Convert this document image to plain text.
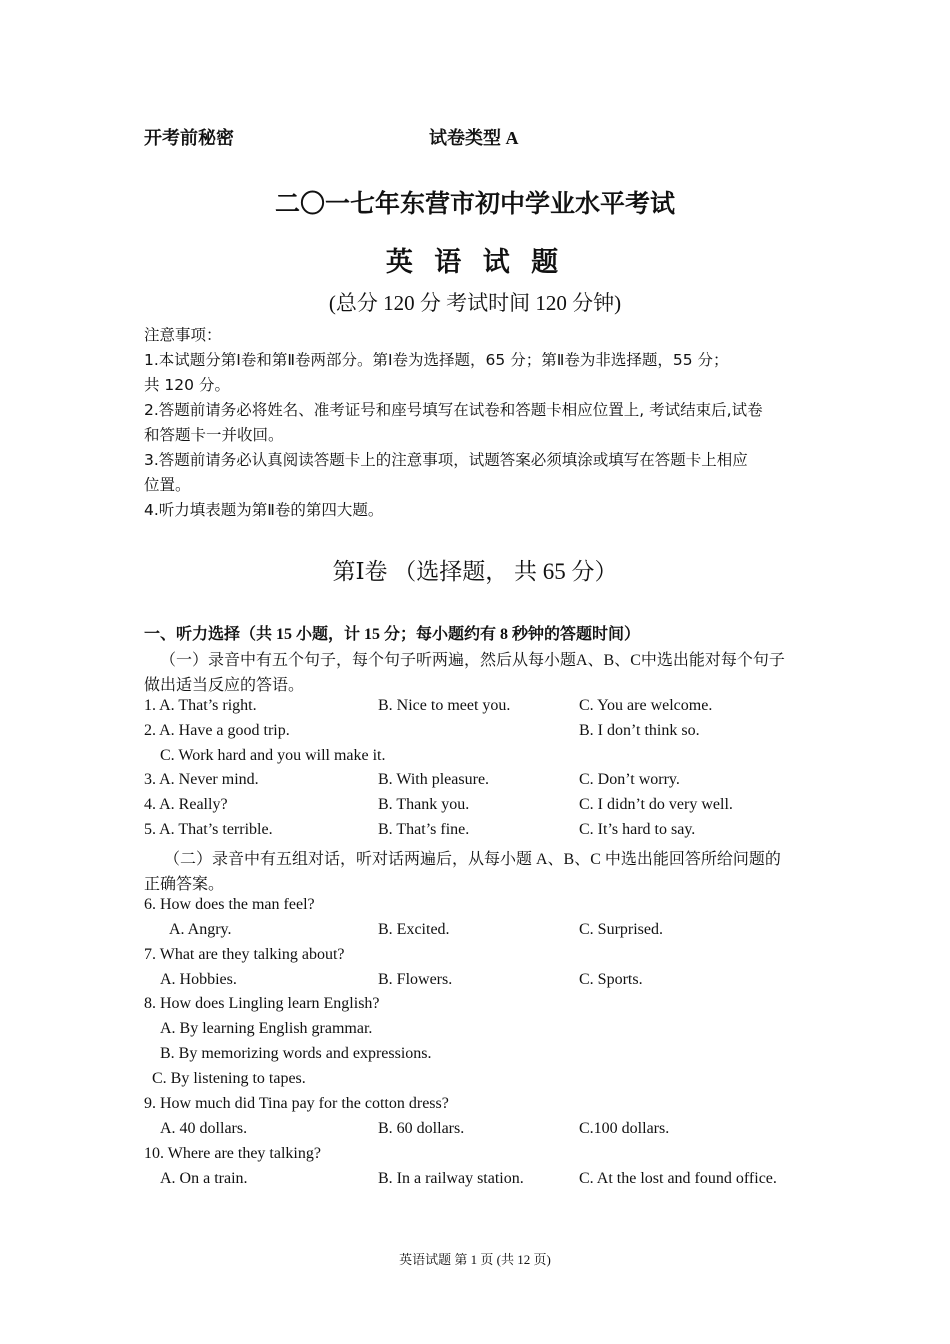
开考前秘密	试卷类型 A
二〇一七年东营市初中学业水平考试
英 语 试 题
(总分 120 分 考试时间 120 分钟)
注意事项：
1.本试题分第Ⅰ卷和第Ⅱ卷两部分。第Ⅰ卷为选择题，65 分；第Ⅱ卷为非选择题，55 分；
共 120 分。
2.答题前请务必将姓名、准考证号和座号填写在试卷和答题卡相应位置上, 考试结束后,试卷
和答题卡一并收回。
3.答题前请务必认真阅读答题卡上的注意事项，试题答案必须填涂或填写在答题卡上相应
位置。
4.听力填表题为第Ⅱ卷的第四大题。
第Ⅰ卷 （选择题， 共 65 分）
一、听力选择（共 15 小题，计 15 分；每小题约有 8 秒钟的答题时间）
（一）录音中有五个句子，每个句子听两遍，然后从每小题A、B、C中选出能对每个句子
做出适当反应的答语。
1. A. That’s right.	B. Nice to meet you.	C. You are welcome.
2. A. Have a good trip.	B. I don’t think so.
C. Work hard and you will make it.
3. A. Never mind.	B. With pleasure.	C. Don’t worry.
4. A. Really?	B. Thank you.	C. I didn’t do very well.
5. A. That’s terrible.	B. That’s fine.	C. It’s hard to say.
（二）录音中有五组对话，听对话两遍后，从每小题 A、B、C 中选出能回答所给问题的
正确答案。
6. How does the man feel?
A. Angry.	B. Excited.	C. Surprised.
7. What are they talking about?
A. Hobbies.	B. Flowers.	C. Sports.
8. How does Lingling learn English?
A. By learning English grammar.
B. By memorizing words and expressions.
C. By listening to tapes.
9. How much did Tina pay for the cotton dress?
A. 40 dollars.	B. 60 dollars.	C.100 dollars.
10. Where are they talking?
A. On a train.	B. In a railway station.	C. At the lost and found office.
英语试题 第 1 页 (共 12 页)
